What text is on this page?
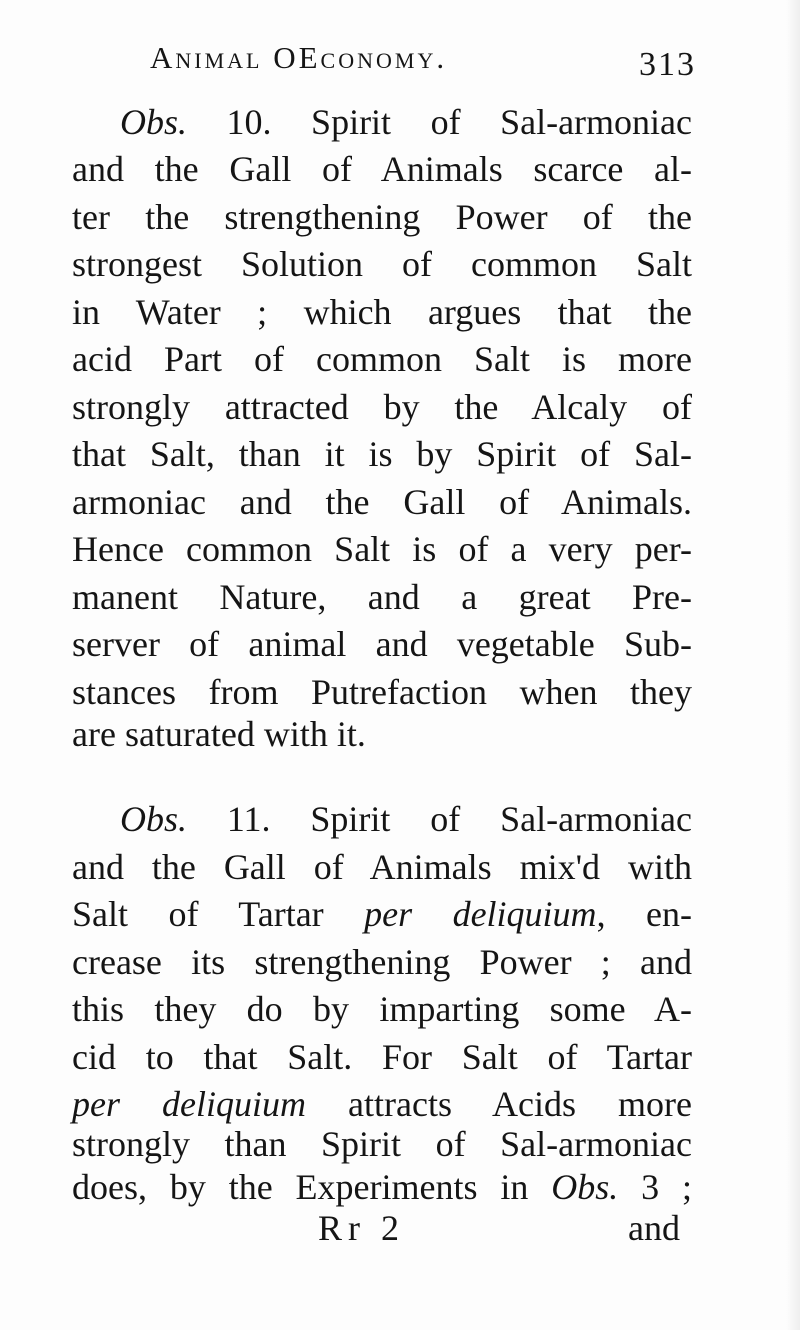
Animal OEconomy.	313
Obs. 10. Spirit of Sal-armoniac
and the Gall of Animals scarce al-
ter the strengthening Power of the
strongest Solution of common Salt
in Water ; which argues that the
acid Part of common Salt is more
strongly attracted by the Alcaly of
that Salt, than it is by Spirit of Sal-
armoniac and the Gall of Animals.
Hence common Salt is of a very per-
manent Nature, and a great Pre-
server of animal and vegetable Sub-
stances from Putrefaction when they
are saturated with it.
Obs. 11. Spirit of Sal-armoniac
and the Gall of Animals mix'd with
Salt of Tartar per deliquium, en-
crease its strengthening Power ; and
this they do by imparting some A-
cid to that Salt. For Salt of Tartar
per deliquium attracts Acids more
strongly than Spirit of Sal-armoniac
does, by the Experiments in Obs. 3 ;
Rr 2	and
